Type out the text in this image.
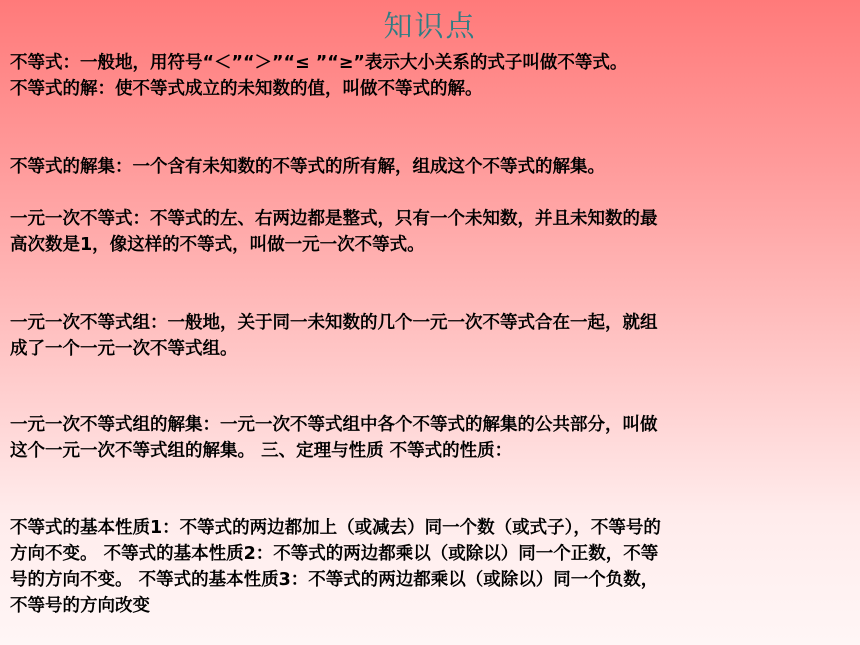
知识点
不等式：一般地，用符号“＜”“＞”“≤ ”“≥”表示大小关系的式子叫做不等式。
不等式的解：使不等式成立的未知数的值，叫做不等式的解。
不等式的解集：一个含有未知数的不等式的所有解，组成这个不等式的解集。
一元一次不等式：不等式的左、右两边都是整式，只有一个未知数，并且未知数的最
高次数是1，像这样的不等式，叫做一元一次不等式。
一元一次不等式组：一般地，关于同一未知数的几个一元一次不等式合在一起，就组
成了一个一元一次不等式组。
一元一次不等式组的解集：一元一次不等式组中各个不等式的解集的公共部分，叫做
这个一元一次不等式组的解集。 三、定理与性质 不等式的性质：
不等式的基本性质1：不等式的两边都加上（或减去）同一个数（或式子），不等号的
方向不变。 不等式的基本性质2：不等式的两边都乘以（或除以）同一个正数，不等
号的方向不变。 不等式的基本性质3：不等式的两边都乘以（或除以）同一个负数，
不等号的方向改变
